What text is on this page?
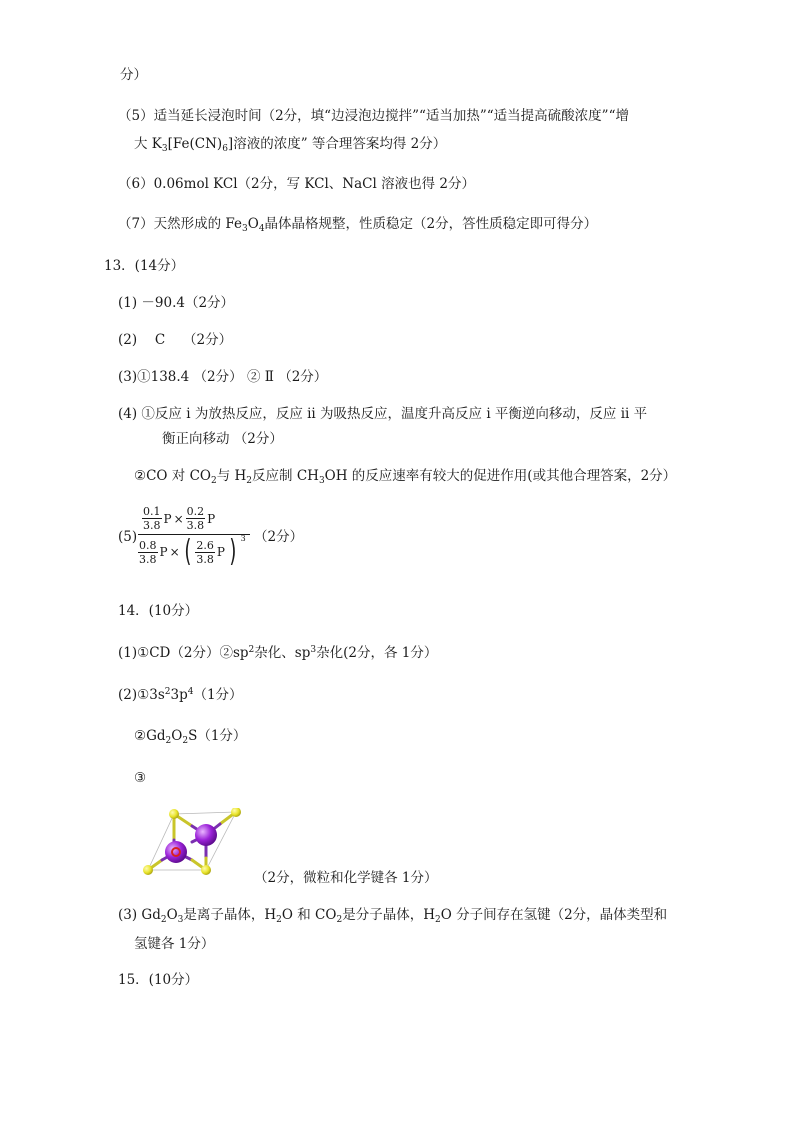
分）
（5）适当延长浸泡时间（2分，填“边浸泡边搅拌”“适当加热”“适当提高硫酸浓度”“增
大 $K_3[Fe(CN)_6]$溶液的浓度” 等合理答案均得 2分）
（6）0.06mol KCl（2分，写 KCl、NaCl 溶液也得 2分）
（7）天然形成的 $Fe_3O_4$晶体晶格规整，性质稳定（2分，答性质稳定即可得分）
13．(14分）
(1) －90.4（2分）
(2)　 C　 （2分）
(3)①138.4 （2分） ② Ⅱ （2分）
(4) ①反应 i 为放热反应，反应 ii 为吸热反应，温度升高反应 i 平衡逆向移动，反应 ii 平
衡正向移动 （2分）
②CO 对 $CO_2$与 $H_2$反应制 $CH_3OH$ 的反应速率有较大的促进作用(或其他合理答案，2分）
$(5) \frac{\frac{0.1}{3.8} P \times \frac{0.2}{3.8} P}{\frac{0.8}{3.8} P \times ( \frac{2.6}{3.8} P ) 3} (2$分）
14．(10分）
(1)①CD（2分）$②sp^2$杂化、$sp^3$杂化(2分，各 1分）
$(2)①3s^23p^4(1$分）
$②Gd_2O_2S(1$分）
③
（2分，微粒和化学键各 1分）
(3) $Gd_2O_3$是离子晶体，$H_2O$ 和 $CO_2$是分子晶体，$H_2O$ 分子间存在氢键（2分，晶体类型和
氢键各 1分）
15．(10分）
